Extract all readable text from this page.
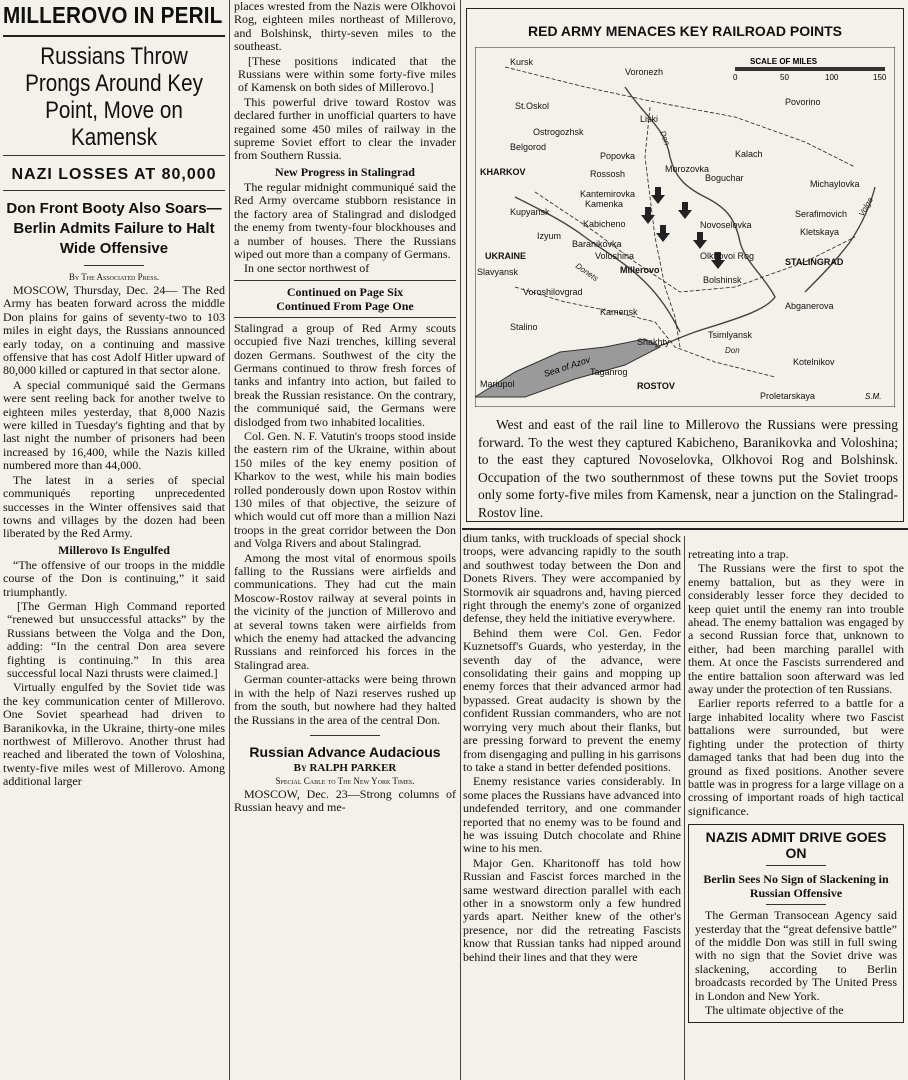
MILLEROVO IN PERIL
Russians Throw Prongs Around Key Point, Move on Kamensk
NAZI LOSSES AT 80,000
Don Front Booty Also Soars— Berlin Admits Failure to Halt Wide Offensive
By The Associated Press.

MOSCOW, Thursday, Dec. 24— The Red Army has beaten forward across the middle Don plains for gains of seventy-two to 103 miles in eight days, the Russians announced early today, on a continuing and massive offensive that has cost Adolf Hitler upward of 80,000 killed or captured in that sector alone.

A special communiqué said the Germans were sent reeling back for another twelve to eighteen miles yesterday, that 8,000 Nazis were killed in Tuesday's fighting and that by last night the number of prisoners had been increased by 16,400, while the Nazis killed numbered more than 44,000.

The latest in a series of special communiqués reporting unprecedented successes in the Winter offensives said that towns and villages by the dozen had been liberated by the Red Army.

Millerovo Is Engulfed

“The offensive of our troops in the middle course of the Don is continuing,” it said triumphantly.

[The German High Command reported “renewed but unsuccessful attacks” by the Russians between the Volga and the Don, adding: “In the central Don area severe fighting is continuing.” In this area successful local Nazi thrusts were claimed.]

Virtually engulfed by the Soviet tide was the key communication center of Millerovo. One Soviet spearhead had driven to Baranikovka, in the Ukraine, thirty-one miles northwest of Millerovo. Another thrust had reached and liberated the town of Voloshina, twenty-five miles west of Millerovo. Among additional larger

places wrested from the Nazis were Olkhovoi Rog, eighteen miles northeast of Millerovo, and Bolshinsk, thirty-seven miles to the southeast.

[These positions indicated that the Russians were within some forty-five miles of Kamensk on both sides of Millerovo.]

This powerful drive toward Rostov was declared further in unofficial quarters to have regained some 450 miles of railway in the supreme Soviet effort to clear the invader from Southern Russia.

New Progress in Stalingrad

The regular midnight communiqué said the Red Army overcame stubborn resistance in the factory area of Stalingrad and dislodged the enemy from twenty-four blockhouses and a number of houses. There the Russians wiped out more than a company of Germans.

In one sector northwest of

Continued on Page Six
Continued From Page One

Stalingrad a group of Red Army scouts occupied five Nazi trenches, killing several dozen Germans. Southwest of the city the Germans continued to throw fresh forces of tanks and infantry into action, but failed to break the Russian resistance. On the contrary, the communiqué said, the Germans were dislodged from two inhabited localities.

Col. Gen. N. F. Vatutin's troops stood inside the eastern rim of the Ukraine, within about 150 miles of the key enemy position of Kharkov to the west, while his main bodies rolled ponderously down upon Rostov within 130 miles of that objective, the seizure of which would cut off more than a million Nazi troops in the great corridor between the Don and Volga Rivers and about Stalingrad.

Among the most vital of enormous spoils falling to the Russians were airfields and communications. They had cut the main Moscow-Rostov railway at several points in the vicinity of the junction of Millerovo and at several towns taken were airfields from which the enemy had attacked the advancing Russians and reinforced his forces in the Stalingrad area.

German counter-attacks were being thrown in with the help of Nazi reserves rushed up from the south, but nowhere had they halted the Russians in the area of the central Don.

Russian Advance Audacious
By RALPH PARKER
Special Cable to The New York Times.

MOSCOW, Dec. 23—Strong columns of Russian heavy and me-

RED ARMY MENACES KEY RAILROAD POINTS
SCALE OF MILES
0	50	100	150
Sea of Azov
Kursk
Voronezh
St.Oskol	Povorino
Ostrogozhsk
Liski
Belgorod
Popovka	Kalach
KHARKOV	Rossosh	Morozovka
Boguchar
Michaylovka
Kantemirovka
Kamenka
Kupyansk	Serafimovich
Izyum
Kabicheno	Novoselovka
Kletskaya
Baranikovka
UKRAINE	Voloshina	Olkhovoi Rog
STALINGRAD
Slavyansk	Millerovo
Bolshinsk
Voroshilovgrad
Kamensk
Abganerova
Stalino
Shakhty
Tsimlyansk
Kotelnikov
Taganrog
Mariupol	ROSTOV
Proletarskaya
Don
Donets
Volga
Don
S.M.

West and east of the rail line to Millerovo the Russians were pressing forward. To the west they captured Kabicheno, Baranikovka and Voloshina; to the east they captured Novoselovka, Olkhovoi Rog and Bolshinsk. Occupation of the two southernmost of these towns put the Soviet troops only some forty-five miles from Kamensk, near a junction on the Stalingrad-Rostov line.

dium tanks, with truckloads of special shock troops, were advancing rapidly to the south and southwest today between the Don and Donets Rivers. They were accompanied by Stormovik air squadrons and, having pierced right through the enemy's zone of organized defense, they held the initiative everywhere.

Behind them were Col. Gen. Fedor Kuznetsoff's Guards, who yesterday, in the seventh day of the advance, were consolidating their gains and mopping up enemy forces that their advanced armor had bypassed. Great audacity is shown by the confident Russian commanders, who are not worrying very much about their flanks, but are pressing forward to prevent the enemy from disengaging and pulling in his garrisons to take a stand in better defended positions.

Enemy resistance varies considerably. In some places the Russians have advanced into undefended territory, and one commander reported that no enemy was to be found and he was issuing Dutch chocolate and Rhine wine to his men.

Major Gen. Kharitonoff has told how Russian and Fascist forces marched in the same westward direction parallel with each other in a snowstorm only a few hundred yards apart. Neither knew of the other's presence, nor did the retreating Fascists know that Russian tanks had nipped around behind their lines and that they were

retreating into a trap.

The Russians were the first to spot the enemy battalion, but as they were in considerably lesser force they decided to keep quiet until the enemy ran into trouble ahead. The enemy battalion was engaged by a second Russian force that, unknown to either, had been marching parallel with them. At once the Fascists surrendered and the entire battalion soon afterward was led away under the protection of ten Russians.

Earlier reports referred to a battle for a large inhabited locality where two Fascist battalions were surrounded, but were fighting under the protection of thirty damaged tanks that had been dug into the ground as fixed positions. Another severe battle was in progress for a large village on a crossing of important roads of high tactical significance.

NAZIS ADMIT DRIVE GOES ON
Berlin Sees No Sign of Slackening in Russian Offensive

The German Transocean Agency said yesterday that the “great defensive battle” of the middle Don was still in full swing with no sign that the Soviet drive was slackening, according to Berlin broadcasts recorded by The United Press in London and New York.

The ultimate objective of the
